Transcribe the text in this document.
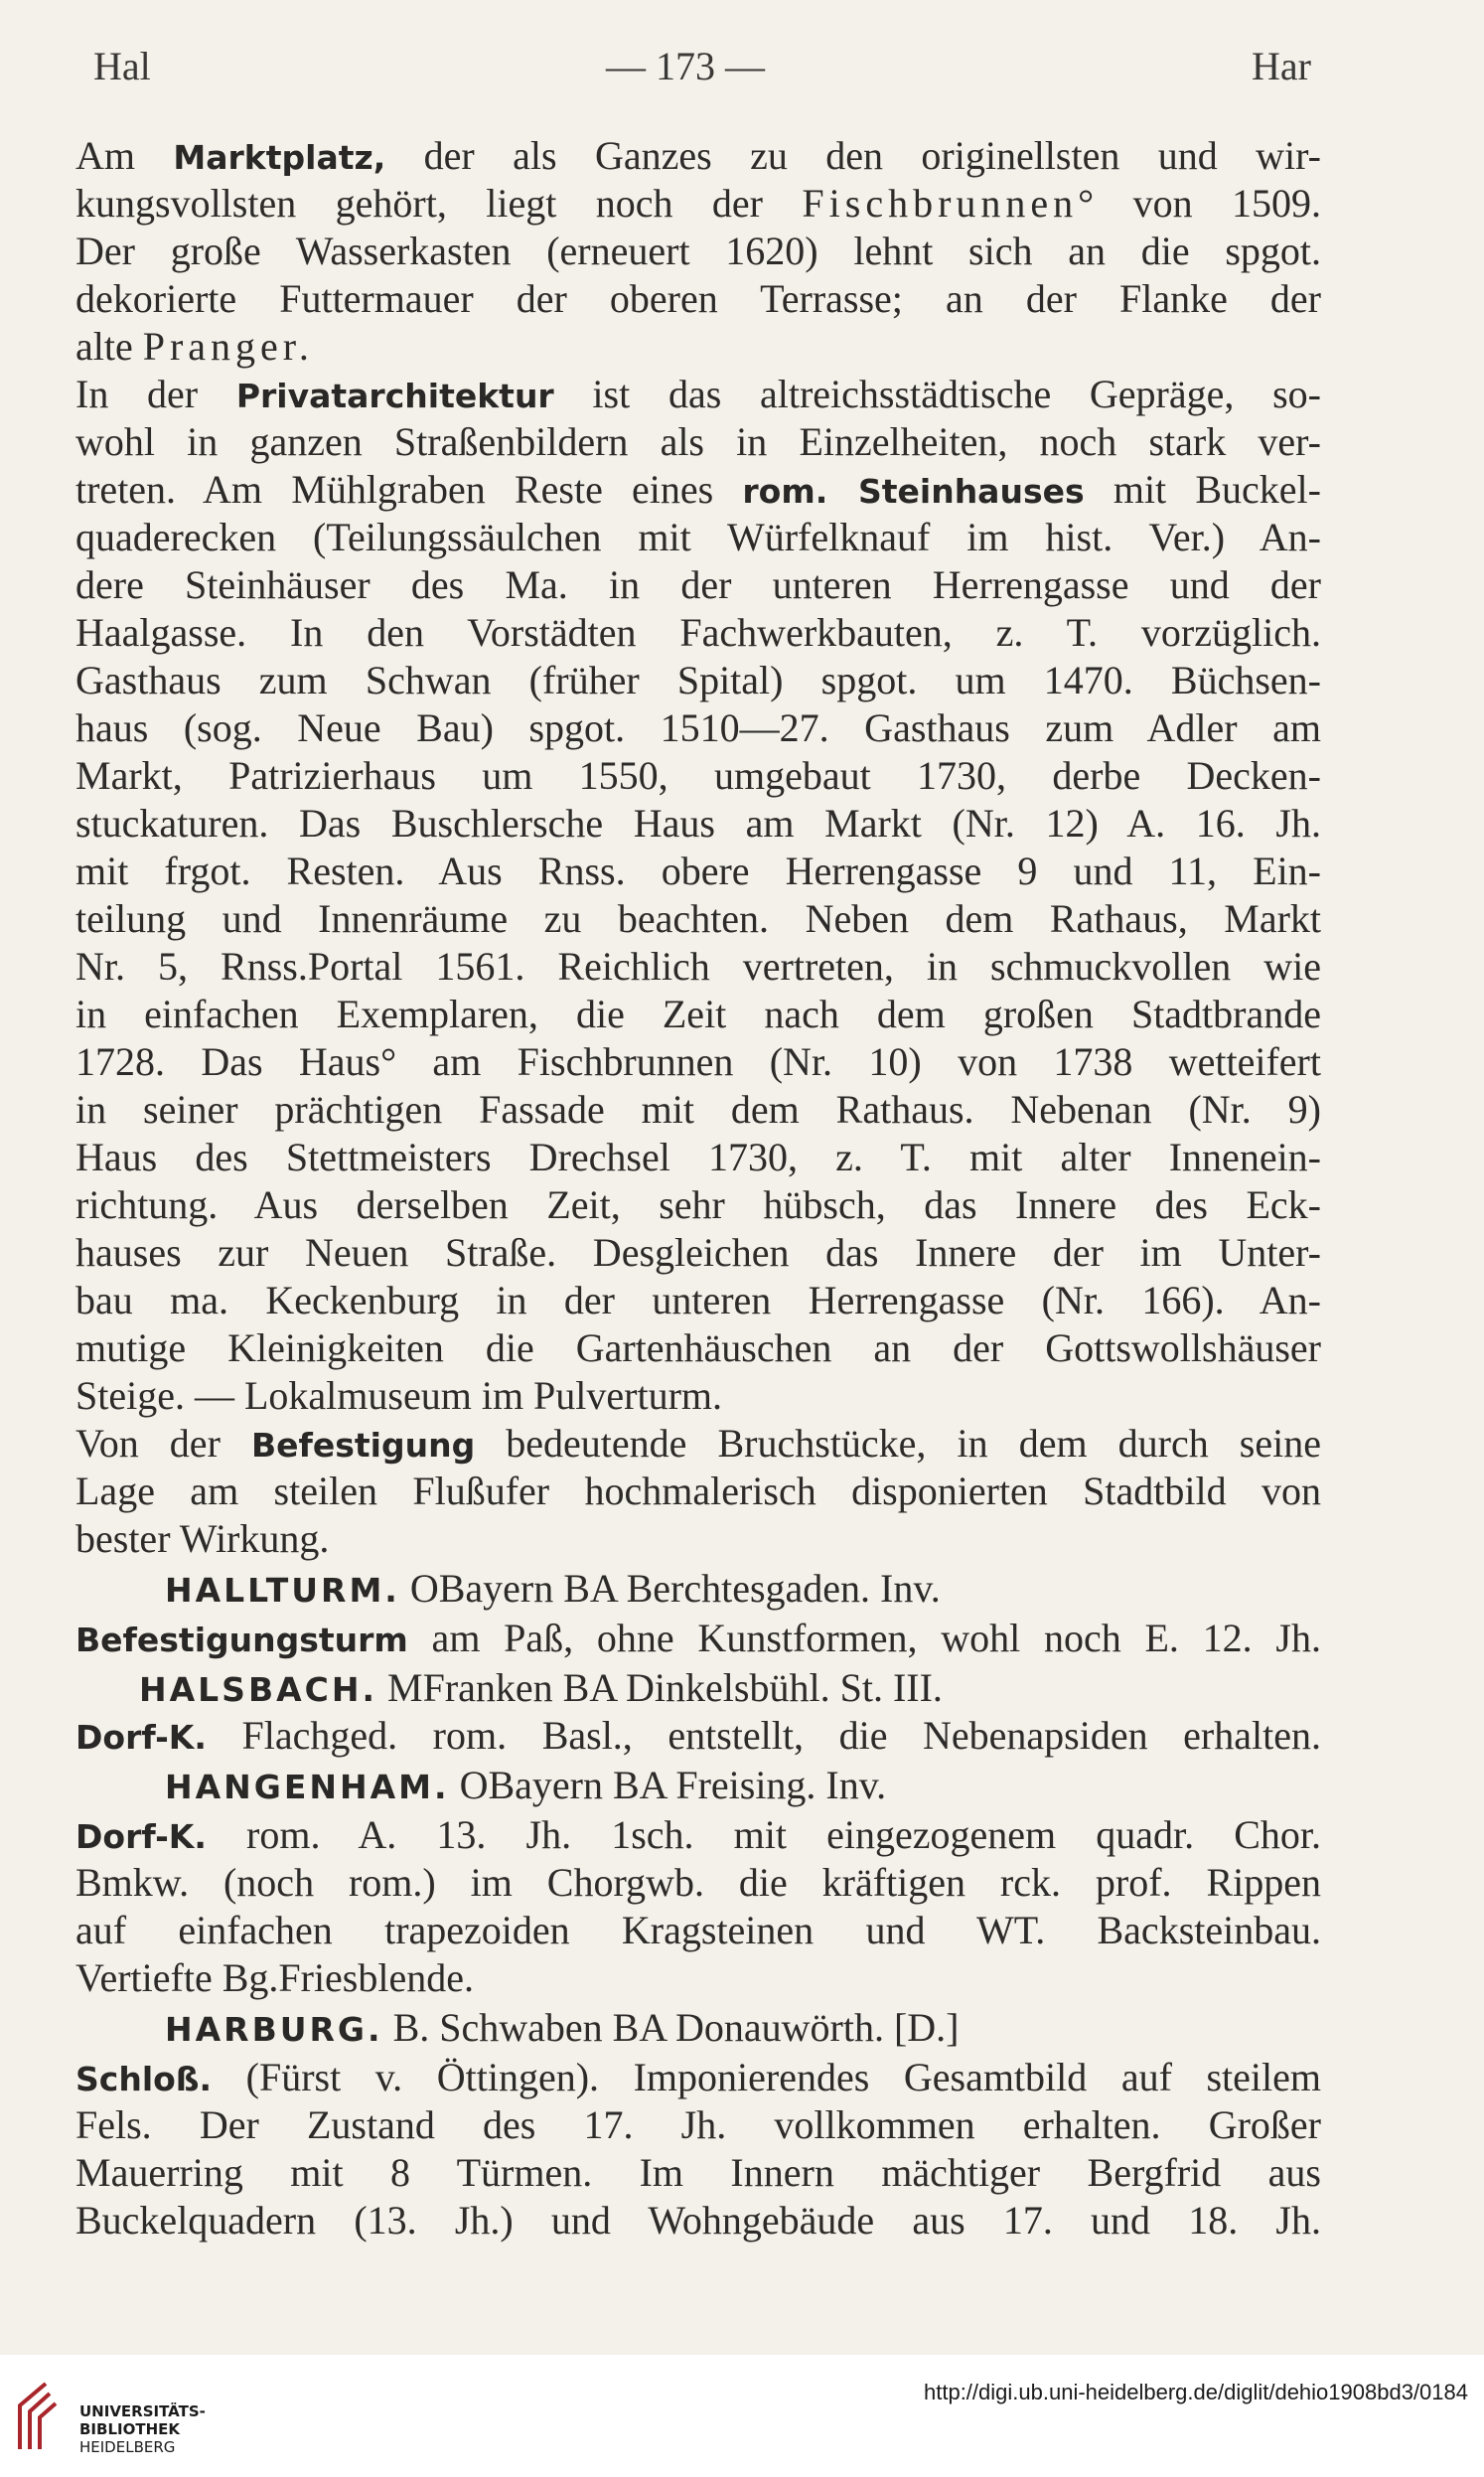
Hal	— 173 —	Har

Am Marktplatz, der als Ganzes zu den originellsten und wir-

kungsvollsten gehört, liegt noch der Fischbrunnen° von 1509.

Der große Wasserkasten (erneuert 1620) lehnt sich an die spgot.

dekorierte Futtermauer der oberen Terrasse; an der Flanke der

alte Pranger.

In der Privatarchitektur ist das altreichsstädtische Gepräge, so-

wohl in ganzen Straßenbildern als in Einzelheiten, noch stark ver-

treten. Am Mühlgraben Reste eines rom. Steinhauses mit Buckel-

quaderecken (Teilungssäulchen mit Würfelknauf im hist. Ver.) An-

dere Steinhäuser des Ma. in der unteren Herrengasse und der

Haalgasse. In den Vorstädten Fachwerkbauten, z. T. vorzüglich.

Gasthaus zum Schwan (früher Spital) spgot. um 1470. Büchsen-

haus (sog. Neue Bau) spgot. 1510—27. Gasthaus zum Adler am

Markt, Patrizierhaus um 1550, umgebaut 1730, derbe Decken-

stuckaturen. Das Buschlersche Haus am Markt (Nr. 12) A. 16. Jh.

mit frgot. Resten. Aus Rnss. obere Herrengasse 9 und 11, Ein-

teilung und Innenräume zu beachten. Neben dem Rathaus, Markt

Nr. 5, Rnss.Portal 1561. Reichlich vertreten, in schmuckvollen wie

in einfachen Exemplaren, die Zeit nach dem großen Stadtbrande

1728. Das Haus° am Fischbrunnen (Nr. 10) von 1738 wetteifert

in seiner prächtigen Fassade mit dem Rathaus. Nebenan (Nr. 9)

Haus des Stettmeisters Drechsel 1730, z. T. mit alter Innenein-

richtung. Aus derselben Zeit, sehr hübsch, das Innere des Eck-

hauses zur Neuen Straße. Desgleichen das Innere der im Unter-

bau ma. Keckenburg in der unteren Herrengasse (Nr. 166). An-

mutige Kleinigkeiten die Gartenhäuschen an der Gottswollshäuser

Steige. — Lokalmuseum im Pulverturm.

Von der Befestigung bedeutende Bruchstücke, in dem durch seine

Lage am steilen Flußufer hochmalerisch disponierten Stadtbild von

bester Wirkung.

HALLTURM. OBayern BA Berchtesgaden. Inv.

Befestigungsturm am Paß, ohne Kunstformen, wohl noch E. 12. Jh.

HALSBACH. MFranken BA Dinkelsbühl. St. III.

Dorf-K. Flachged. rom. Basl., entstellt, die Nebenapsiden erhalten.

HANGENHAM. OBayern BA Freising. Inv.

Dorf-K. rom. A. 13. Jh. 1sch. mit eingezogenem quadr. Chor.

Bmkw. (noch rom.) im Chorgwb. die kräftigen rck. prof. Rippen

auf einfachen trapezoiden Kragsteinen und WT. Backsteinbau.

Vertiefte Bg.Friesblende.

HARBURG. B. Schwaben BA Donauwörth. [D.]

Schloß. (Fürst v. Öttingen). Imponierendes Gesamtbild auf steilem

Fels. Der Zustand des 17. Jh. vollkommen erhalten. Großer

Mauerring mit 8 Türmen. Im Innern mächtiger Bergfrid aus

Buckelquadern (13. Jh.) und Wohngebäude aus 17. und 18. Jh.

UNIVERSITÄTS-
BIBLIOTHEK
HEIDELBERG
http://digi.ub.uni-heidelberg.de/diglit/dehio1908bd3/0184
